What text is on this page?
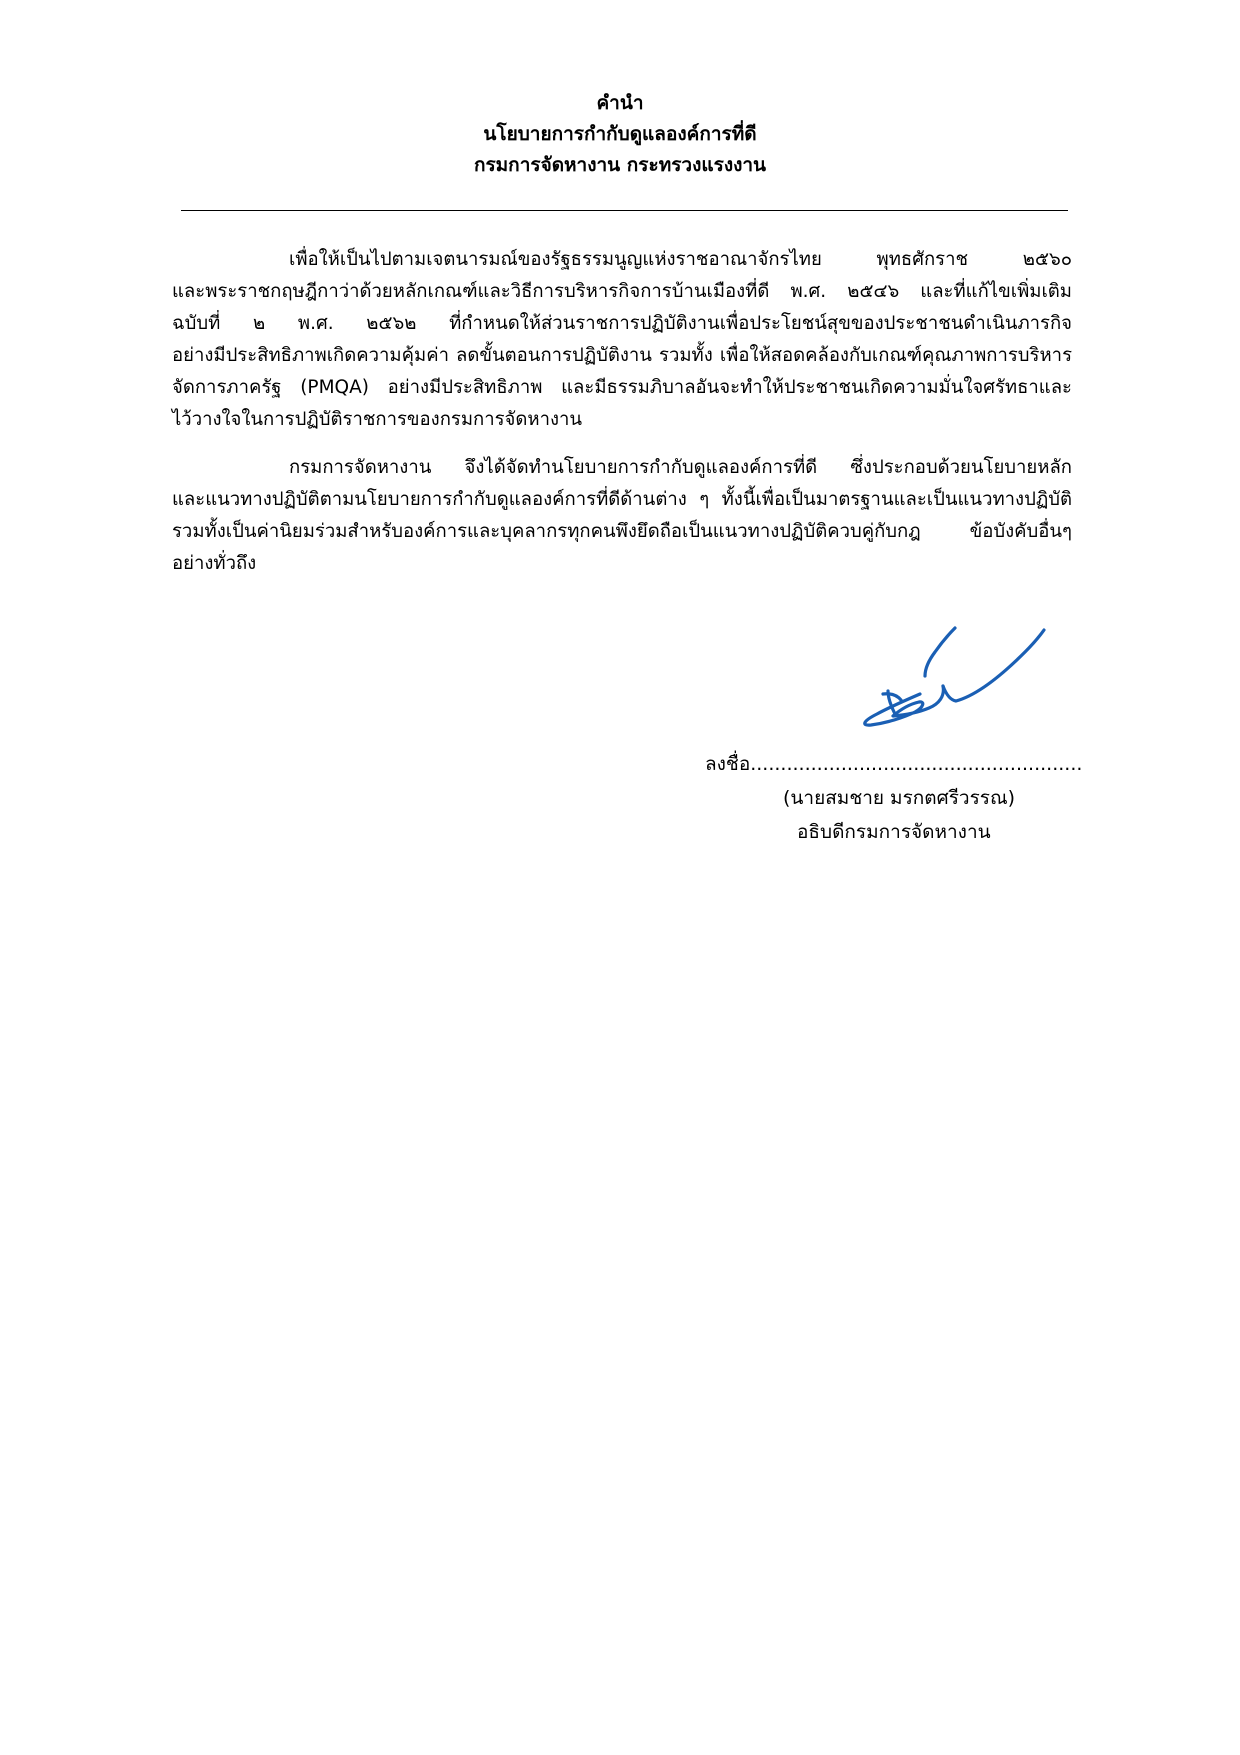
คำนำ
นโยบายการกำกับดูแลองค์การที่ดี
กรมการจัดหางาน กระทรวงแรงงาน
เพื่อให้เป็นไปตามเจตนารมณ์ของรัฐธรรมนูญแห่งราชอาณาจักรไทย พุทธศักราช ๒๕๖๐
และพระราชกฤษฎีกาว่าด้วยหลักเกณฑ์และวิธีการบริหารกิจการบ้านเมืองที่ดี พ.ศ. ๒๕๔๖ และที่แก้ไขเพิ่มเติม
ฉบับที่ ๒ พ.ศ. ๒๕๖๒ ที่กำหนดให้ส่วนราชการปฏิบัติงานเพื่อประโยชน์สุขของประชาชนดำเนินภารกิจ
อย่างมีประสิทธิภาพเกิดความคุ้มค่า ลดขั้นตอนการปฏิบัติงาน รวมทั้ง เพื่อให้สอดคล้องกับเกณฑ์คุณภาพการบริหาร
จัดการภาครัฐ (PMQA) อย่างมีประสิทธิภาพ และมีธรรมภิบาลอันจะทำให้ประชาชนเกิดความมั่นใจศรัทธาและ
ไว้วางใจในการปฏิบัติราชการของกรมการจัดหางาน
กรมการจัดหางาน จึงได้จัดทำนโยบายการกำกับดูแลองค์การที่ดี ซึ่งประกอบด้วยนโยบายหลัก
และแนวทางปฏิบัติตามนโยบายการกำกับดูแลองค์การที่ดีด้านต่าง ๆ ทั้งนี้เพื่อเป็นมาตรฐานและเป็นแนวทางปฏิบัติ
รวมทั้งเป็นค่านิยมร่วมสำหรับองค์การและบุคลากรทุกคนพึงยึดถือเป็นแนวทางปฏิบัติควบคู่กับกฎ ข้อบังคับอื่นๆ
อย่างทั่วถึง
ลงชื่อ.......................................................
(นายสมชาย มรกตศรีวรรณ)
อธิบดีกรมการจัดหางาน
